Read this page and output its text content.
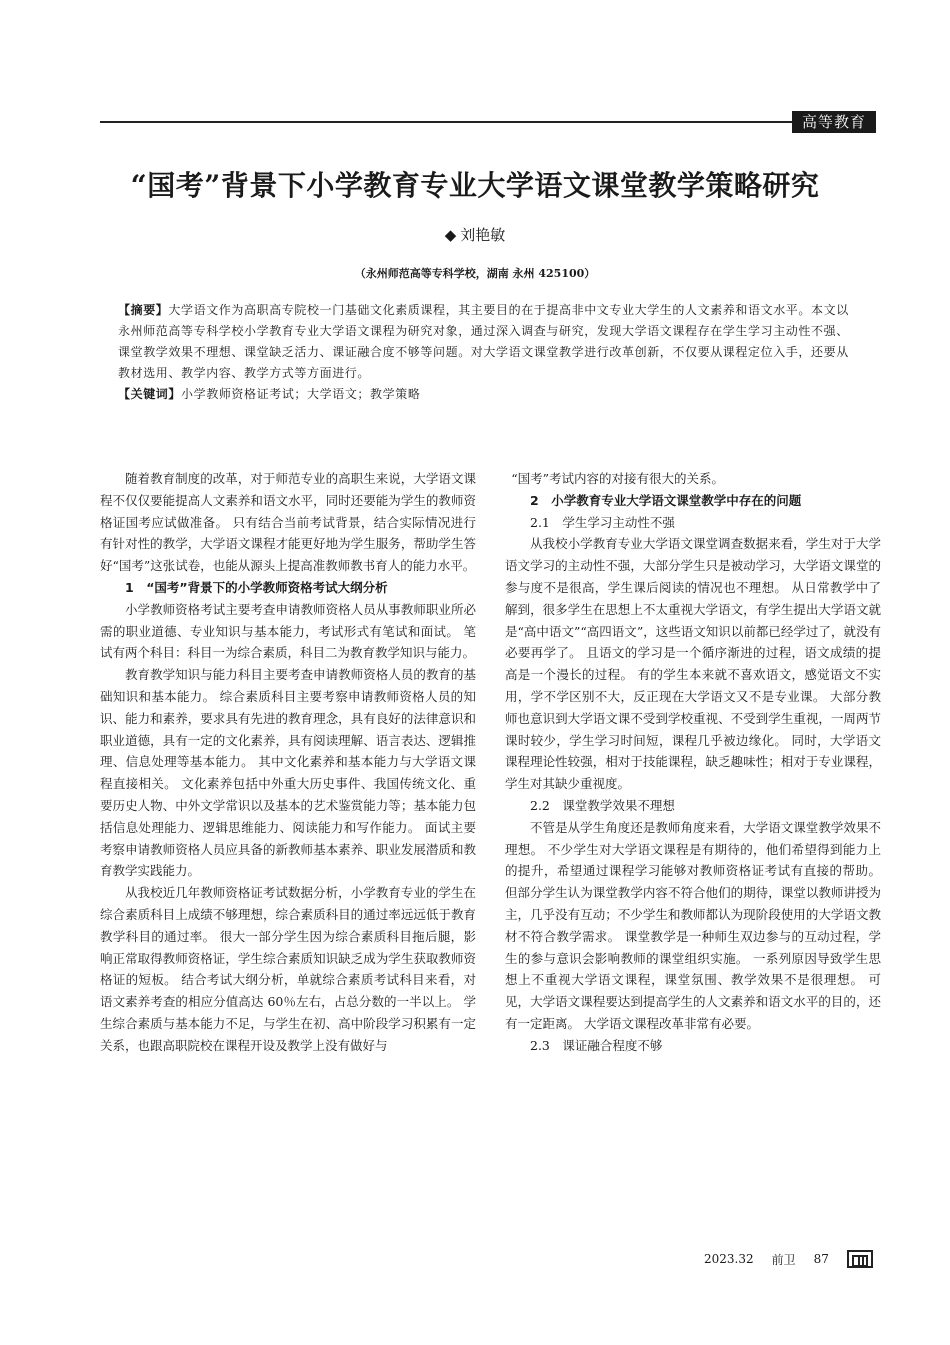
高等教育
“国考”背景下小学教育专业大学语文课堂教学策略研究
◆ 刘艳敏
（永州师范高等专科学校，湖南 永州 425100）

【摘要】大学语文作为高职高专院校一门基础文化素质课程，其主要目的在于提高非中文专业大学生的人文素养和语文水平。本文以永州师范高等专科学校小学教育专业大学语文课程为研究对象，通过深入调查与研究，发现大学语文课程存在学生学习主动性不强、课堂教学效果不理想、课堂缺乏活力、课证融合度不够等问题。对大学语文课堂教学进行改革创新，不仅要从课程定位入手，还要从教材选用、教学内容、教学方式等方面进行。

【关键词】小学教师资格证考试；大学语文；教学策略

随着教育制度的改革，对于师范专业的高职生来说，大学语文课程不仅仅要能提高人文素养和语文水平，同时还要能为学生的教师资格证国考应试做准备。 只有结合当前考试背景，结合实际情况进行有针对性的教学，大学语文课程才能更好地为学生服务，帮助学生答好“国考”这张试卷，也能从源头上提高准教师教书育人的能力水平。

1　“国考”背景下的小学教师资格考试大纲分析

小学教师资格考试主要考查申请教师资格人员从事教师职业所必需的职业道德、专业知识与基本能力，考试形式有笔试和面试。 笔试有两个科目：科目一为综合素质，科目二为教育教学知识与能力。

教育教学知识与能力科目主要考查申请教师资格人员的教育的基础知识和基本能力。 综合素质科目主要考察申请教师资格人员的知识、能力和素养，要求具有先进的教育理念，具有良好的法律意识和职业道德，具有一定的文化素养，具有阅读理解、语言表达、逻辑推理、信息处理等基本能力。 其中文化素养和基本能力与大学语文课程直接相关。 文化素养包括中外重大历史事件、我国传统文化、重要历史人物、中外文学常识以及基本的艺术鉴赏能力等；基本能力包括信息处理能力、逻辑思维能力、阅读能力和写作能力。 面试主要考察申请教师资格人员应具备的新教师基本素养、职业发展潜质和教育教学实践能力。

从我校近几年教师资格证考试数据分析，小学教育专业的学生在综合素质科目上成绩不够理想，综合素质科目的通过率远远低于教育教学科目的通过率。 很大一部分学生因为综合素质科目拖后腿，影响正常取得教师资格证，学生综合素质知识缺乏成为学生获取教师资格证的短板。 结合考试大纲分析，单就综合素质考试科目来看，对语文素养考查的相应分值高达 60％左右，占总分数的一半以上。 学生综合素质与基本能力不足，与学生在初、高中阶段学习积累有一定关系，也跟高职院校在课程开设及教学上没有做好与

“国考”考试内容的对接有很大的关系。

2　小学教育专业大学语文课堂教学中存在的问题
2.1　学生学习主动性不强

从我校小学教育专业大学语文课堂调查数据来看，学生对于大学语文学习的主动性不强，大部分学生只是被动学习，大学语文课堂的参与度不是很高，学生课后阅读的情况也不理想。 从日常教学中了解到，很多学生在思想上不太重视大学语文，有学生提出大学语文就是“高中语文”“高四语文”，这些语文知识以前都已经学过了，就没有必要再学了。 且语文的学习是一个循序渐进的过程，语文成绩的提高是一个漫长的过程。 有的学生本来就不喜欢语文，感觉语文不实用，学不学区别不大，反正现在大学语文又不是专业课。 大部分教师也意识到大学语文课不受到学校重视、不受到学生重视，一周两节课时较少，学生学习时间短，课程几乎被边缘化。 同时，大学语文课程理论性较强，相对于技能课程，缺乏趣味性；相对于专业课程，学生对其缺少重视度。

2.2　课堂教学效果不理想

不管是从学生角度还是教师角度来看，大学语文课堂教学效果不理想。 不少学生对大学语文课程是有期待的，他们希望得到能力上的提升，希望通过课程学习能够对教师资格证考试有直接的帮助。 但部分学生认为课堂教学内容不符合他们的期待，课堂以教师讲授为主，几乎没有互动；不少学生和教师都认为现阶段使用的大学语文教材不符合教学需求。 课堂教学是一种师生双边参与的互动过程，学生的参与意识会影响教师的课堂组织实施。 一系列原因导致学生思想上不重视大学语文课程，课堂氛围、教学效果不是很理想。 可见，大学语文课程要达到提高学生的人文素养和语文水平的目的，还有一定距离。 大学语文课程改革非常有必要。

2.3　课证融合程度不够
2023.32 前卫 87
